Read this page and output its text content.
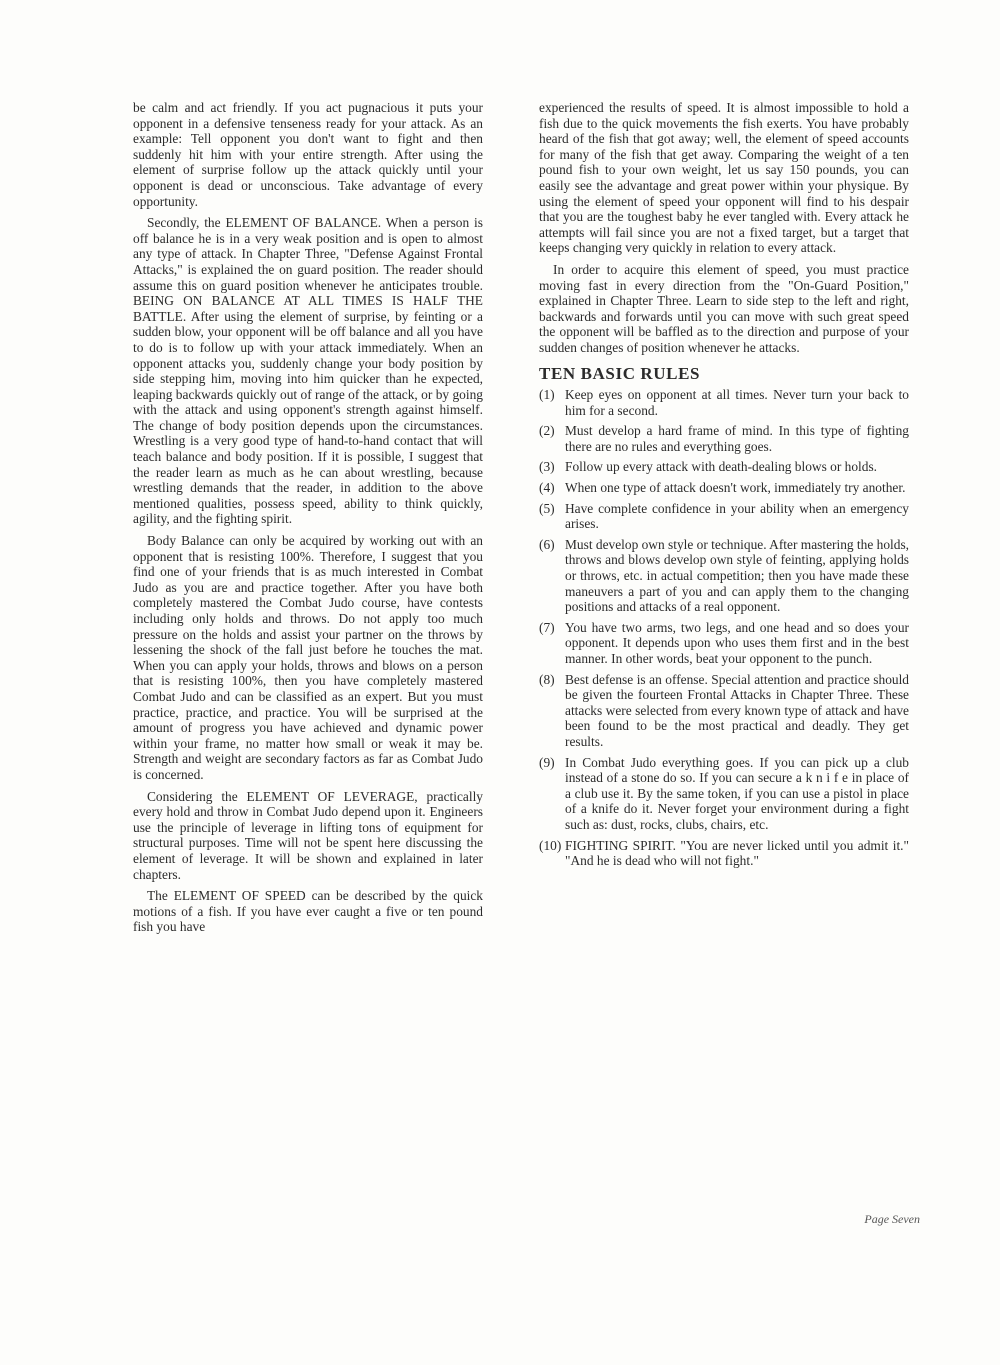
be calm and act friendly. If you act pugnacious it puts your opponent in a defensive tenseness ready for your attack. As an example: Tell opponent you don't want to fight and then suddenly hit him with your entire strength. After using the element of surprise follow up the attack quickly until your opponent is dead or unconscious. Take advantage of every opportunity.

Secondly, the ELEMENT OF BALANCE. When a person is off balance he is in a very weak position and is open to almost any type of attack. In Chapter Three, "Defense Against Frontal Attacks," is explained the on guard position. The reader should assume this on guard position whenever he anticipates trouble. BEING ON BALANCE AT ALL TIMES IS HALF THE BATTLE. After using the element of surprise, by feinting or a sudden blow, your opponent will be off balance and all you have to do is to follow up with your attack immediately. When an opponent attacks you, suddenly change your body position by side stepping him, moving into him quicker than he expected, leaping backwards quickly out of range of the attack, or by going with the attack and using opponent's strength against himself. The change of body position depends upon the circumstances. Wrestling is a very good type of hand-to-hand contact that will teach balance and body position. If it is possible, I suggest that the reader learn as much as he can about wrestling, because wrestling demands that the reader, in addition to the above mentioned qualities, possess speed, ability to think quickly, agility, and the fighting spirit.

Body Balance can only be acquired by working out with an opponent that is resisting 100%. Therefore, I suggest that you find one of your friends that is as much interested in Combat Judo as you are and practice together. After you have both completely mastered the Combat Judo course, have contests including only holds and throws. Do not apply too much pressure on the holds and assist your partner on the throws by lessening the shock of the fall just before he touches the mat. When you can apply your holds, throws and blows on a person that is resisting 100%, then you have completely mastered Combat Judo and can be classified as an expert. But you must practice, practice, and practice. You will be surprised at the amount of progress you have achieved and dynamic power within your frame, no matter how small or weak it may be. Strength and weight are secondary factors as far as Combat Judo is concerned.

Considering the ELEMENT OF LEVERAGE, practically every hold and throw in Combat Judo depend upon it. Engineers use the principle of leverage in lifting tons of equipment for structural purposes. Time will not be spent here discussing the element of leverage. It will be shown and explained in later chapters.

The ELEMENT OF SPEED can be described by the quick motions of a fish. If you have ever caught a five or ten pound fish you have

experienced the results of speed. It is almost impossible to hold a fish due to the quick movements the fish exerts. You have probably heard of the fish that got away; well, the element of speed accounts for many of the fish that get away. Comparing the weight of a ten pound fish to your own weight, let us say 150 pounds, you can easily see the advantage and great power within your physique. By using the element of speed your opponent will find to his despair that you are the toughest baby he ever tangled with. Every attack he attempts will fail since you are not a fixed target, but a target that keeps changing very quickly in relation to every attack.

In order to acquire this element of speed, you must practice moving fast in every direction from the "On-Guard Position," explained in Chapter Three. Learn to side step to the left and right, backwards and forwards until you can move with such great speed the opponent will be baffled as to the direction and purpose of your sudden changes of position whenever he attacks.

TEN BASIC RULES
(1) Keep eyes on opponent at all times. Never turn your back to him for a second.
(2) Must develop a hard frame of mind. In this type of fighting there are no rules and everything goes.
(3) Follow up every attack with death-dealing blows or holds.
(4) When one type of attack doesn't work, immediately try another.
(5) Have complete confidence in your ability when an emergency arises.
(6) Must develop own style or technique. After mastering the holds, throws and blows develop own style of feinting, applying holds or throws, etc. in actual competition; then you have made these maneuvers a part of you and can apply them to the changing positions and attacks of a real opponent.
(7) You have two arms, two legs, and one head and so does your opponent. It depends upon who uses them first and in the best manner. In other words, beat your opponent to the punch.
(8) Best defense is an offense. Special attention and practice should be given the fourteen Frontal Attacks in Chapter Three. These attacks were selected from every known type of attack and have been found to be the most practical and deadly. They get results.
(9) In Combat Judo everything goes. If you can pick up a club instead of a stone do so. If you can secure a k n i f e in place of a club use it. By the same token, if you can use a pistol in place of a knife do it. Never forget your environment during a fight such as: dust, rocks, clubs, chairs, etc.
(10) FIGHTING SPIRIT. "You are never licked until you admit it." "And he is dead who will not fight."
Page Seven
